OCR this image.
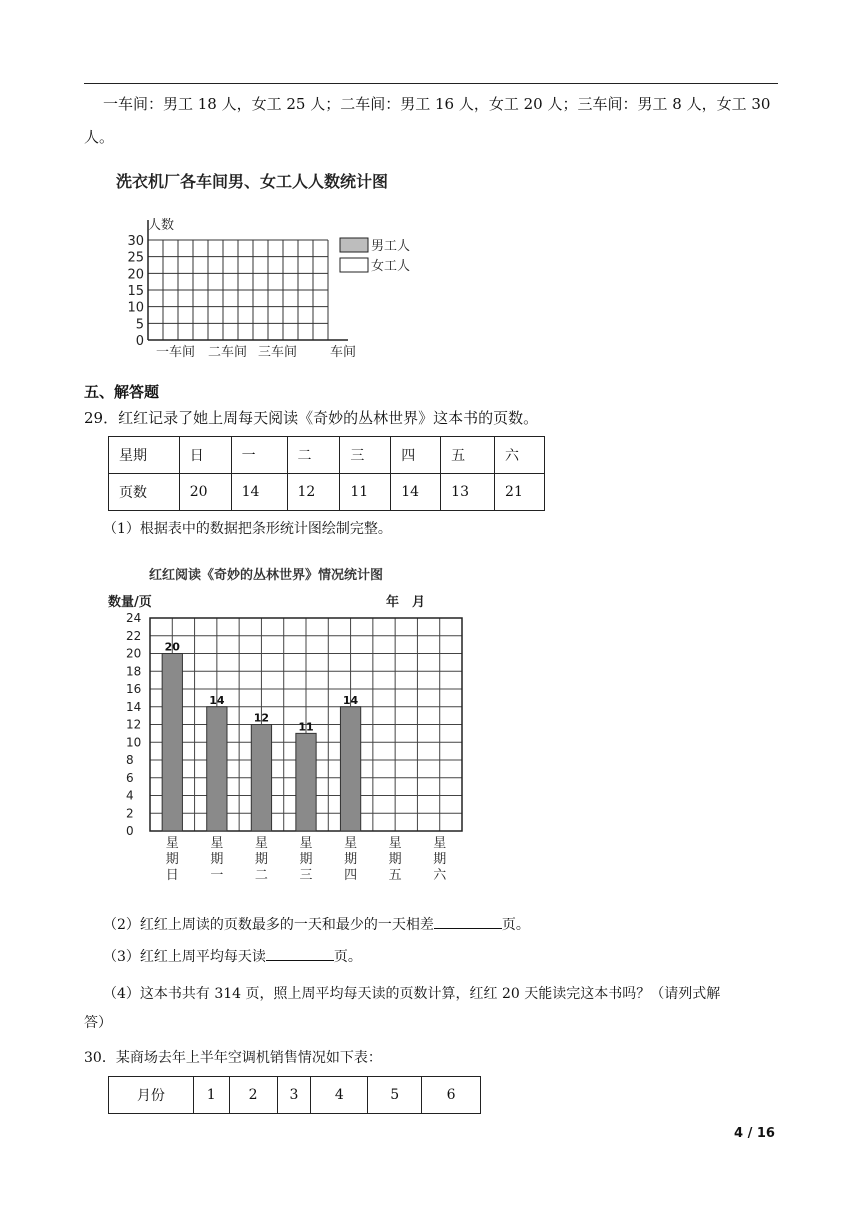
一车间：男工 18 人，女工 25 人；二车间：男工 16 人，女工 20 人；三车间：男工 8 人，女工 30
人。
洗衣机厂各车间男、女工人人数统计图
人数
30
25
20
15
10
5
0
一车间 二车间 三车间	车间
男工人
女工人
五、解答题
29．红红记录了她上周每天阅读《奇妙的丛林世界》这本书的页数。
星期	日	一	二	三	四	五	六
页数	20	14	12	11	14	13	21
（1）根据表中的数据把条形统计图绘制完整。
红红阅读《奇妙的丛林世界》情况统计图
数量/页	年　月
20
14
12
11
14
0
2
4
6
8
10
12
14
16
18
20
22
24
星
期
日
星
期
一
星
期
二
星
期
三
星
期
四
星
期
五
星
期
六
（2）红红上周读的页数最多的一天和最少的一天相差	页。
（3）红红上周平均每天读	页。
（4）这本书共有 314 页，照上周平均每天读的页数计算，红红 20 天能读完这本书吗？（请列式解
答）
30．某商场去年上半年空调机销售情况如下表：
月份	1	2	3	4	5	6
4 / 16
